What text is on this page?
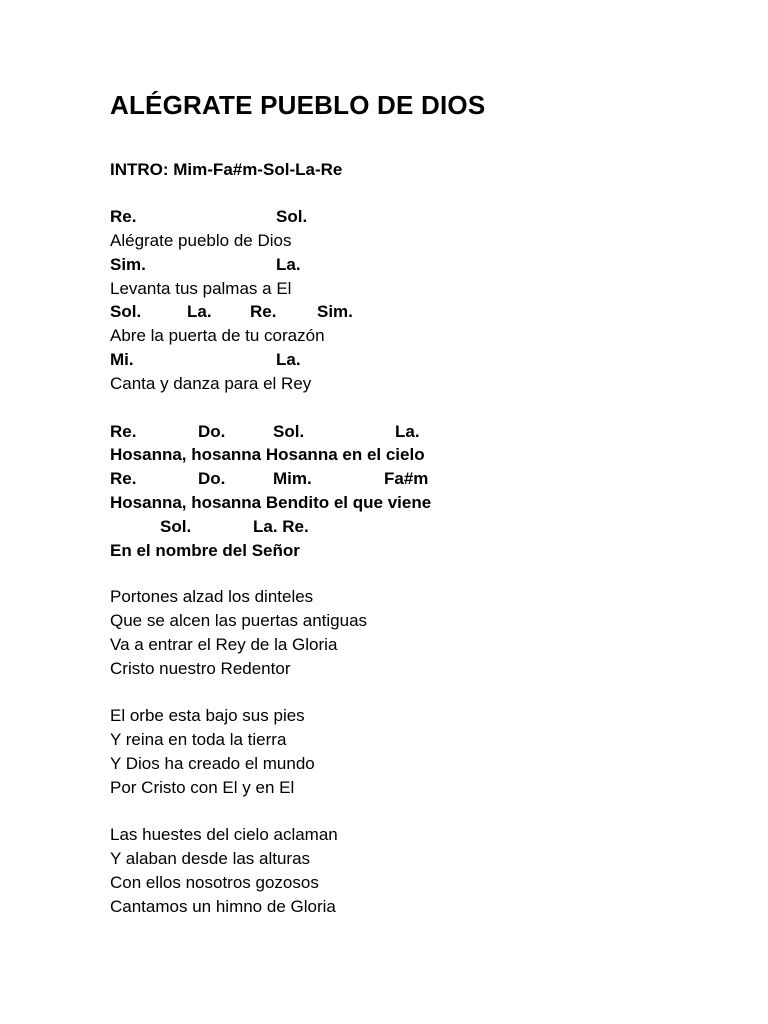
ALÉGRATE PUEBLO DE DIOS
INTRO: Mim-Fa#m-Sol-La-Re
Re.	Sol.
Alégrate pueblo de Dios
Sim.	La.
Levanta tus palmas a El
Sol.	La. Re. Sim.
Abre la puerta de tu corazón
Mi.	La.
Canta y danza para el Rey
Re.	Do.	Sol.	La.
Hosanna, hosanna Hosanna en el cielo
Re.	Do.	Mim.	Fa#m
Hosanna, hosanna Bendito el que viene
Sol.	La. Re.
En el nombre del Señor
Portones alzad los dinteles
Que se alcen las puertas antiguas
Va a entrar el Rey de la Gloria
Cristo nuestro Redentor
El orbe esta bajo sus pies
Y reina en toda la tierra
Y Dios ha creado el mundo
Por Cristo con El y en El
Las huestes del cielo aclaman
Y alaban desde las alturas
Con ellos nosotros gozosos
Cantamos un himno de Gloria
